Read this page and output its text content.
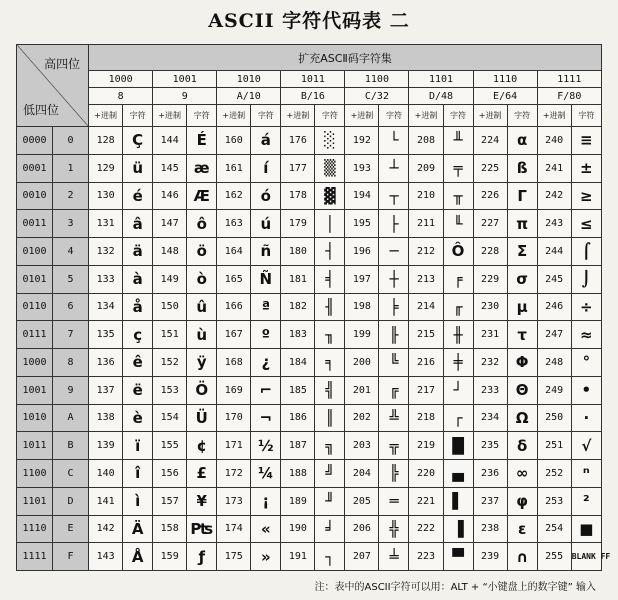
ASCII 字符代码表 二
高四位
低四位		扩充ASCⅡ码字符集															
		1000		1001		1010		1011		1100		1101		1110		1111	
		8		9		A/10		B/16		C/32		D/48		E/64		F/80	
		+进制	字符	+进制	字符	+进制	字符	+进制	字符	+进制	字符	+进制	字符	+进制	字符	+进制	字符
0000	0	128	Ç	144	É	160	á	176	░	192	└	208	╨	224	α	240	≡
0001	1	129	ü	145	æ	161	í	177	▒	193	┴	209	╤	225	ß	241	±
0010	2	130	é	146	Æ	162	ó	178	▓	194	┬	210	╥	226	Γ	242	≥
0011	3	131	â	147	ô	163	ú	179	│	195	├	211	╙	227	π	243	≤
0100	4	132	ä	148	ö	164	ñ	180	┤	196	─	212	Ô	228	Σ	244	⌠
0101	5	133	à	149	ò	165	Ñ	181	╡	197	┼	213	╒	229	σ	245	⌡
0110	6	134	å	150	û	166	ª	182	╢	198	╞	214	╓	230	μ	246	÷
0111	7	135	ç	151	ù	167	º	183	╖	199	╟	215	╫	231	τ	247	≈
1000	8	136	ê	152	ÿ	168	¿	184	╕	200	╚	216	╪	232	Φ	248	°
1001	9	137	ë	153	Ö	169	⌐	185	╣	201	╔	217	┘	233	Θ	249	•
1010	A	138	è	154	Ü	170	¬	186	║	202	╩	218	┌	234	Ω	250	·
1011	B	139	ï	155	¢	171	½	187	╗	203	╦	219	█	235	δ	251	√
1100	C	140	î	156	£	172	¼	188	╝	204	╠	220	▄	236	∞	252	ⁿ
1101	D	141	ì	157	¥	173	¡	189	╜	205	═	221	▌	237	φ	253	²
1110	E	142	Ä	158	₧	174	«	190	╛	206	╬	222	▐	238	ε	254	■
1111	F	143	Å	159	ƒ	175	»	191	┐	207	╧	223	▀	239	∩	255	BLANK FF
注：表中的ASCII字符可以用：ALT + “小键盘上的数字键” 输入
